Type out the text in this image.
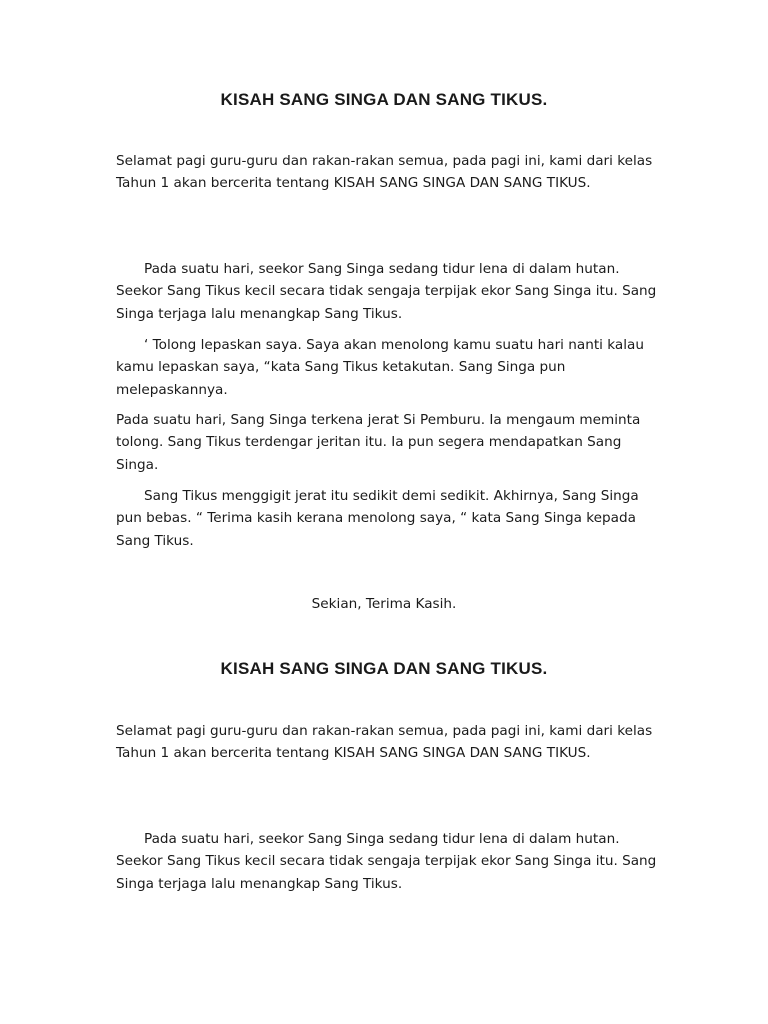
KISAH SANG SINGA DAN SANG TIKUS.

Selamat pagi guru-guru dan rakan-rakan semua, pada pagi ini, kami dari kelas Tahun 1 akan bercerita tentang KISAH SANG SINGA DAN SANG TIKUS.

Pada suatu hari, seekor Sang Singa sedang tidur lena di dalam hutan. Seekor Sang Tikus kecil secara tidak sengaja terpijak ekor Sang Singa itu. Sang Singa terjaga lalu menangkap Sang Tikus.

‘ Tolong lepaskan saya. Saya akan menolong kamu suatu hari nanti kalau kamu lepaskan saya, “kata Sang Tikus ketakutan. Sang Singa pun melepaskannya.

Pada suatu hari, Sang Singa terkena jerat Si Pemburu. Ia mengaum meminta tolong. Sang Tikus terdengar jeritan itu. Ia pun segera mendapatkan Sang Singa.

Sang Tikus menggigit jerat itu sedikit demi sedikit. Akhirnya, Sang Singa pun bebas. “ Terima kasih kerana menolong saya, “ kata Sang Singa kepada Sang Tikus.

Sekian, Terima Kasih.

KISAH SANG SINGA DAN SANG TIKUS.

Selamat pagi guru-guru dan rakan-rakan semua, pada pagi ini, kami dari kelas Tahun 1 akan bercerita tentang KISAH SANG SINGA DAN SANG TIKUS.

Pada suatu hari, seekor Sang Singa sedang tidur lena di dalam hutan. Seekor Sang Tikus kecil secara tidak sengaja terpijak ekor Sang Singa itu. Sang Singa terjaga lalu menangkap Sang Tikus.
